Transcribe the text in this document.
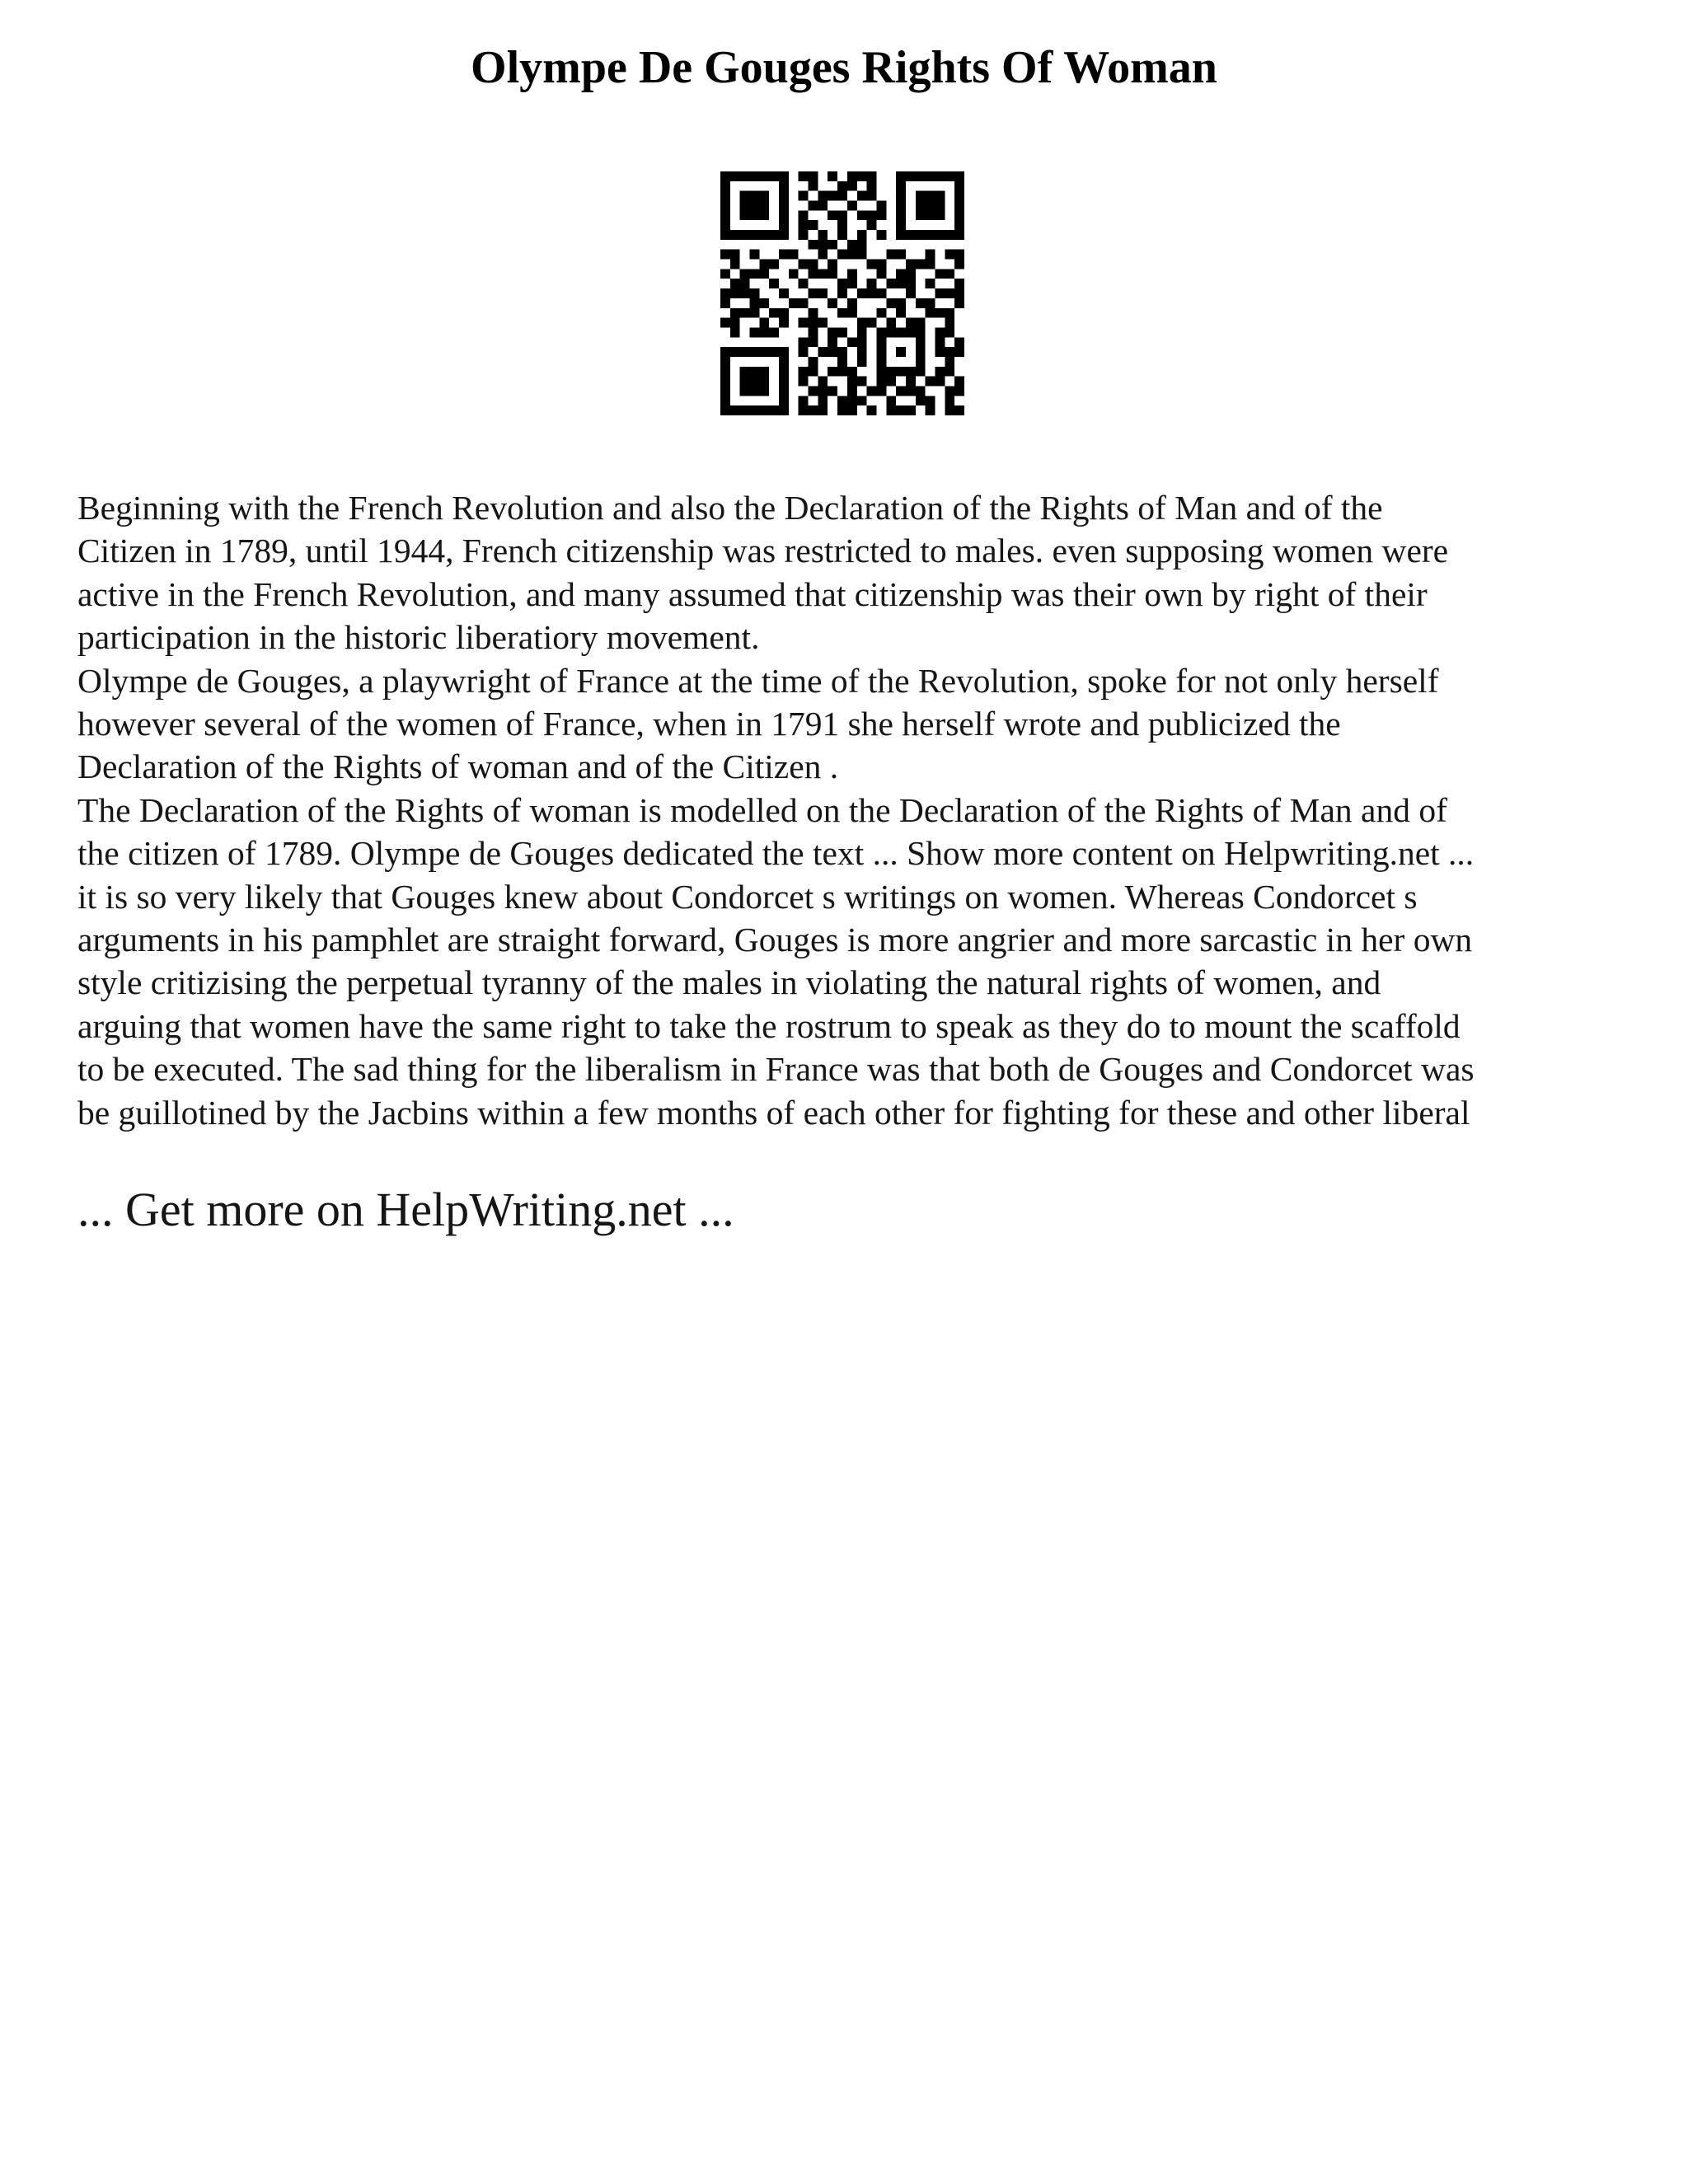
Olympe De Gouges Rights Of Woman

Beginning with the French Revolution and also the Declaration of the Rights of Man and of the

Citizen in 1789, until 1944, French citizenship was restricted to males. even supposing women were

active in the French Revolution, and many assumed that citizenship was their own by right of their

participation in the historic liberatiory movement.

Olympe de Gouges, a playwright of France at the time of the Revolution, spoke for not only herself

however several of the women of France, when in 1791 she herself wrote and publicized the

Declaration of the Rights of woman and of the Citizen .

The Declaration of the Rights of woman is modelled on the Declaration of the Rights of Man and of

the citizen of 1789. Olympe de Gouges dedicated the text ... Show more content on Helpwriting.net ...

it is so very likely that Gouges knew about Condorcet s writings on women. Whereas Condorcet s

arguments in his pamphlet are straight forward, Gouges is more angrier and more sarcastic in her own

style critizising the perpetual tyranny of the males in violating the natural rights of women, and

arguing that women have the same right to take the rostrum to speak as they do to mount the scaffold

to be executed. The sad thing for the liberalism in France was that both de Gouges and Condorcet was

be guillotined by the Jacbins within a few months of each other for fighting for these and other liberal

... Get more on HelpWriting.net ...
